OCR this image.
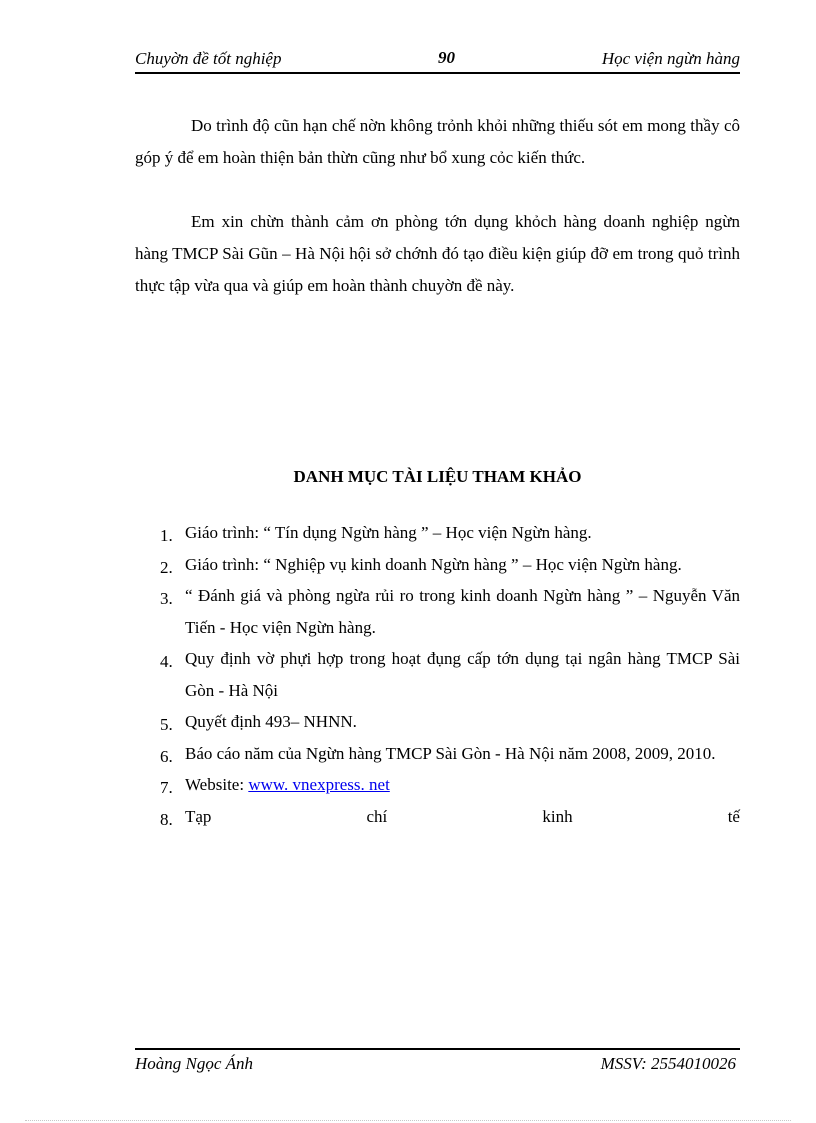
Chuyờn đề tốt nghiệp	90	Học viện ngừn hàng

Do trình độ cũn hạn chế nờn không trỏnh khỏi những thiếu sót em mong thầy cô góp ý để em hoàn thiện bản thừn cũng như bổ xung cỏc kiến thức.

Em xin chừn thành cảm ơn phòng tớn dụng khỏch hàng doanh nghiệp ngừn hàng TMCP Sài Gũn – Hà Nội hội sở chớnh đó tạo điều kiện giúp đỡ em trong quỏ trình thực tập vừa qua và giúp em hoàn thành chuyờn đề này.

DANH MỤC TÀI LIỆU THAM KHẢO
1. Giáo trình: “ Tín dụng Ngừn hàng ” – Học viện Ngừn hàng.
2. Giáo trình: “ Nghiệp vụ kinh doanh Ngừn hàng ” – Học viện Ngừn hàng.
3. “ Đánh giá và phòng ngừa rủi ro trong kinh doanh Ngừn hàng ” – Nguyễn Văn Tiến - Học viện Ngừn hàng.
4. Quy định vờ phựi hợp trong hoạt đụng cấp tớn dụng tại ngân hàng TMCP Sài Gòn - Hà Nội
5. Quyết định 493– NHNN.
6. Báo cáo năm của Ngừn hàng TMCP Sài Gòn - Hà Nội năm 2008, 2009, 2010.
7. Website: www. vnexpress. net
8. Tạp	chí	kinh	tế
Hoàng Ngọc Ánh	MSSV: 2554010026
